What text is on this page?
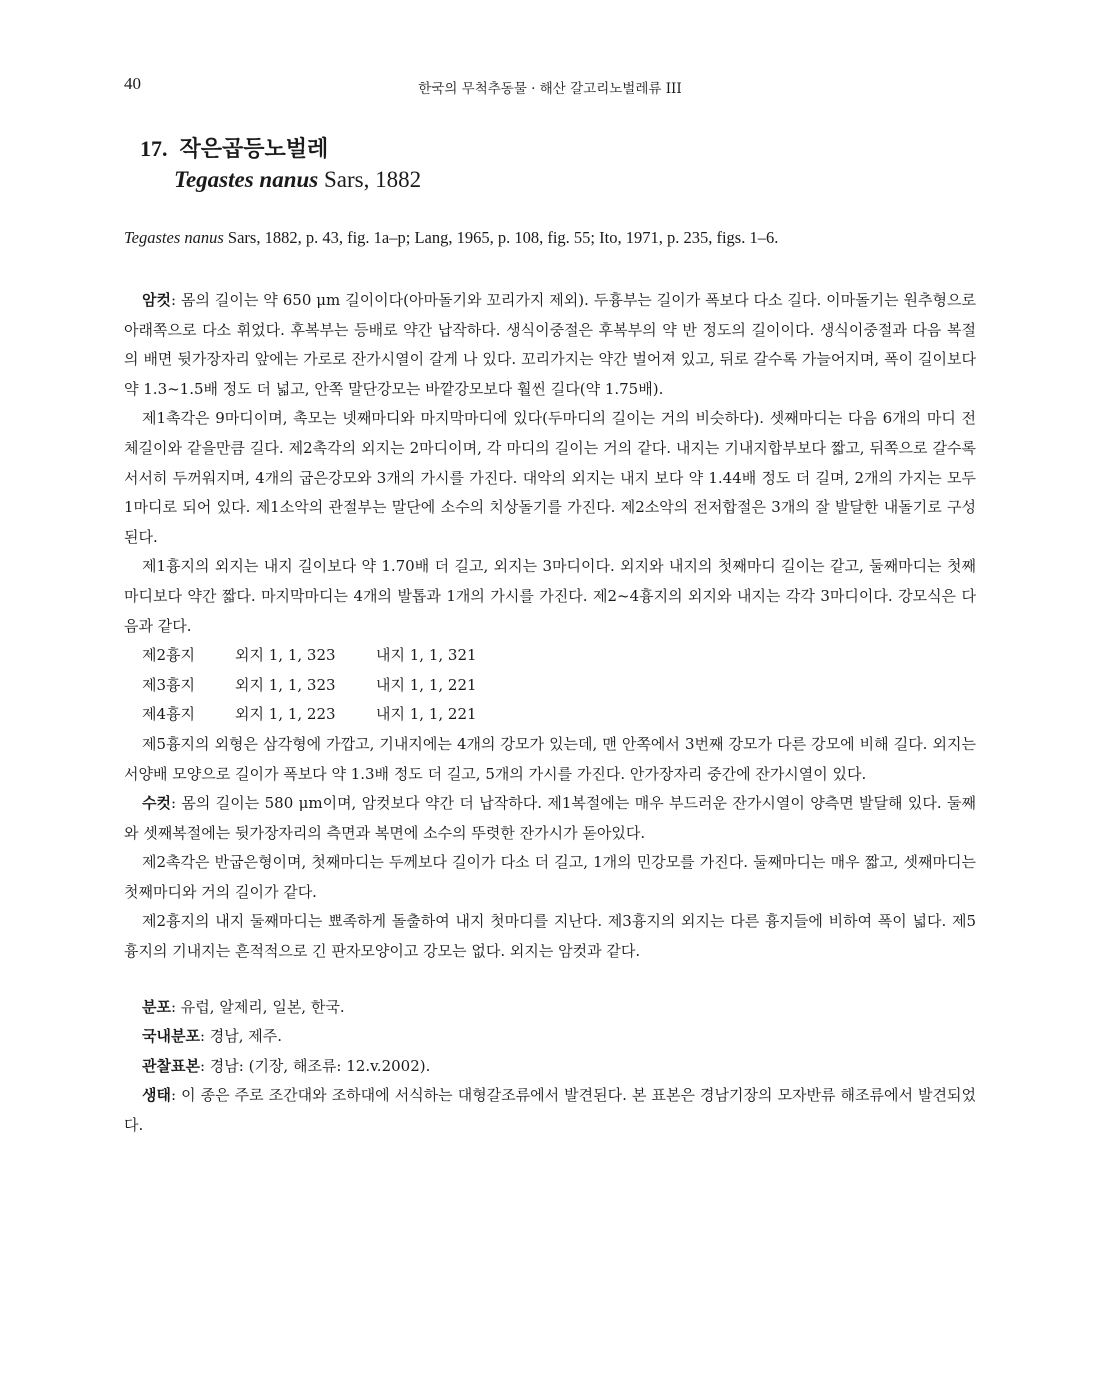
40	한국의 무척추동물 · 해산 갈고리노벌레류 III
17. 작은곱등노벌레
Tegastes nanus Sars, 1882
Tegastes nanus Sars, 1882, p. 43, fig. 1a–p; Lang, 1965, p. 108, fig. 55; Ito, 1971, p. 235, figs. 1–6.

암컷: 몸의 길이는 약 650 μm 길이이다(아마돌기와 꼬리가지 제외). 두흉부는 길이가 폭보다 다소 길다. 이마돌기는 원추형으로 아래쪽으로 다소 휘었다. 후복부는 등배로 약간 납작하다. 생식이중절은 후복부의 약 반 정도의 길이이다. 생식이중절과 다음 복절의 배면 뒷가장자리 앞에는 가로로 잔가시열이 갈게 나 있다. 꼬리가지는 약간 벌어져 있고, 뒤로 갈수록 가늘어지며, 폭이 길이보다 약 1.3~1.5배 정도 더 넓고, 안쪽 말단강모는 바깥강모보다 훨씬 길다(약 1.75배).

제1촉각은 9마디이며, 촉모는 넷째마디와 마지막마디에 있다(두마디의 길이는 거의 비슷하다). 셋째마디는 다음 6개의 마디 전체길이와 같을만큼 길다. 제2촉각의 외지는 2마디이며, 각 마디의 길이는 거의 같다. 내지는 기내지합부보다 짧고, 뒤쪽으로 갈수록 서서히 두꺼워지며, 4개의 굽은강모와 3개의 가시를 가진다. 대악의 외지는 내지 보다 약 1.44배 정도 더 길며, 2개의 가지는 모두 1마디로 되어 있다. 제1소악의 관절부는 말단에 소수의 치상돌기를 가진다. 제2소악의 전저합절은 3개의 잘 발달한 내돌기로 구성된다.

제1흉지의 외지는 내지 길이보다 약 1.70배 더 길고, 외지는 3마디이다. 외지와 내지의 첫째마디 길이는 같고, 둘째마디는 첫째마디보다 약간 짧다. 마지막마디는 4개의 발톱과 1개의 가시를 가진다. 제2~4흉지의 외지와 내지는 각각 3마디이다. 강모식은 다음과 같다.

제2흉지	외지 1, 1, 323	내지 1, 1, 321

제3흉지	외지 1, 1, 323	내지 1, 1, 221

제4흉지	외지 1, 1, 223	내지 1, 1, 221

제5흉지의 외형은 삼각형에 가깝고, 기내지에는 4개의 강모가 있는데, 맨 안쪽에서 3번째 강모가 다른 강모에 비해 길다. 외지는 서양배 모양으로 길이가 폭보다 약 1.3배 정도 더 길고, 5개의 가시를 가진다. 안가장자리 중간에 잔가시열이 있다.

수컷: 몸의 길이는 580 μm이며, 암컷보다 약간 더 납작하다. 제1복절에는 매우 부드러운 잔가시열이 양측면 발달해 있다. 둘째와 셋째복절에는 뒷가장자리의 측면과 복면에 소수의 뚜렷한 잔가시가 돋아있다.

제2촉각은 반굽은형이며, 첫째마디는 두께보다 길이가 다소 더 길고, 1개의 민강모를 가진다. 둘째마디는 매우 짧고, 셋째마디는 첫째마디와 거의 길이가 같다.

제2흉지의 내지 둘째마디는 뾰족하게 돌출하여 내지 첫마디를 지난다. 제3흉지의 외지는 다른 흉지들에 비하여 폭이 넓다. 제5흉지의 기내지는 흔적적으로 긴 판자모양이고 강모는 없다. 외지는 암컷과 같다.

분포: 유럽, 알제리, 일본, 한국.

국내분포: 경남, 제주.

관찰표본: 경남: (기장, 해조류: 12.v.2002).

생태: 이 종은 주로 조간대와 조하대에 서식하는 대형갈조류에서 발견된다. 본 표본은 경남기장의 모자반류 해조류에서 발견되었다.
